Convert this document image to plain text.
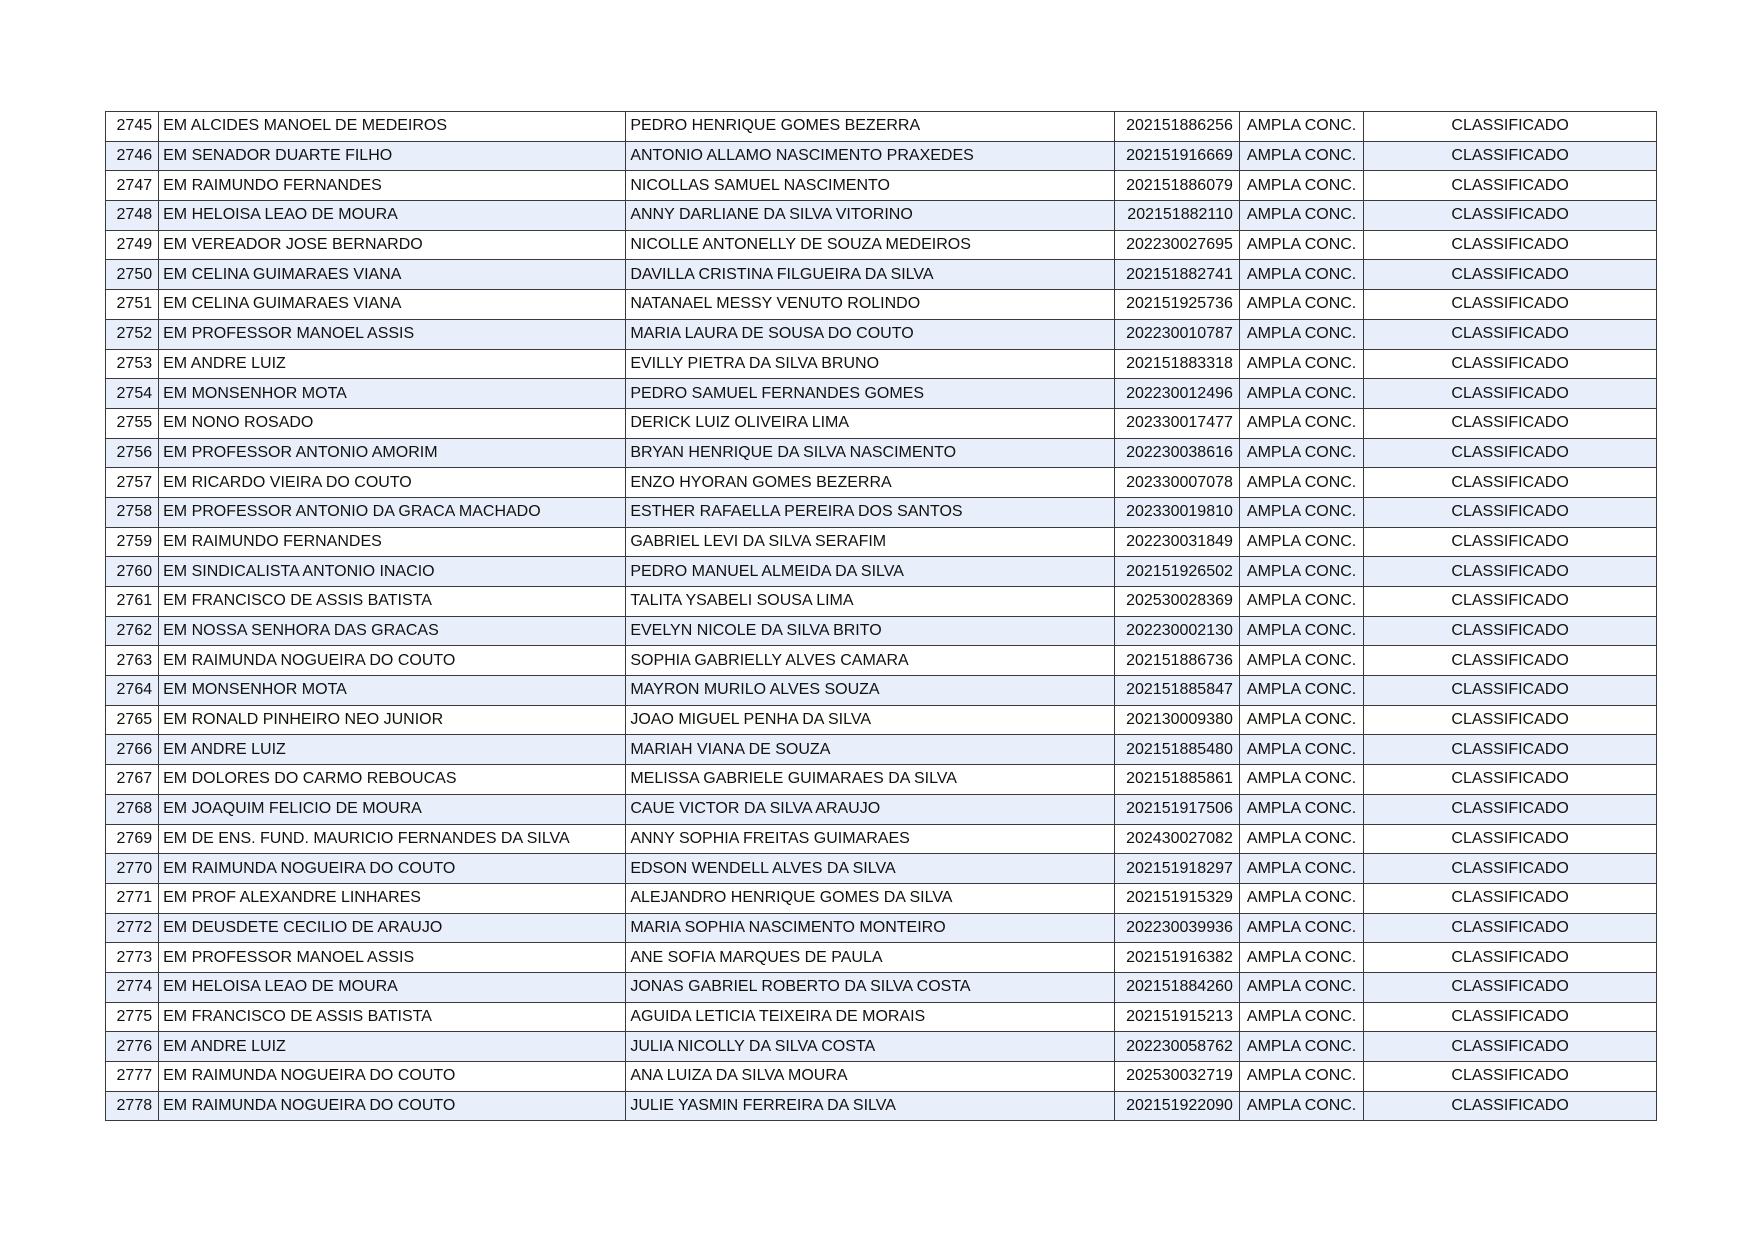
2745	EM ALCIDES MANOEL DE MEDEIROS	PEDRO HENRIQUE GOMES BEZERRA	202151886256	AMPLA CONC.	CLASSIFICADO
2746	EM SENADOR DUARTE FILHO	ANTONIO ALLAMO NASCIMENTO PRAXEDES	202151916669	AMPLA CONC.	CLASSIFICADO
2747	EM RAIMUNDO FERNANDES	NICOLLAS SAMUEL NASCIMENTO	202151886079	AMPLA CONC.	CLASSIFICADO
2748	EM HELOISA LEAO DE MOURA	ANNY DARLIANE DA SILVA VITORINO	202151882110	AMPLA CONC.	CLASSIFICADO
2749	EM VEREADOR JOSE BERNARDO	NICOLLE ANTONELLY DE SOUZA MEDEIROS	202230027695	AMPLA CONC.	CLASSIFICADO
2750	EM CELINA GUIMARAES VIANA	DAVILLA CRISTINA FILGUEIRA DA SILVA	202151882741	AMPLA CONC.	CLASSIFICADO
2751	EM CELINA GUIMARAES VIANA	NATANAEL MESSY VENUTO ROLINDO	202151925736	AMPLA CONC.	CLASSIFICADO
2752	EM PROFESSOR MANOEL ASSIS	MARIA LAURA DE SOUSA DO COUTO	202230010787	AMPLA CONC.	CLASSIFICADO
2753	EM ANDRE LUIZ	EVILLY PIETRA DA SILVA BRUNO	202151883318	AMPLA CONC.	CLASSIFICADO
2754	EM MONSENHOR MOTA	PEDRO SAMUEL FERNANDES GOMES	202230012496	AMPLA CONC.	CLASSIFICADO
2755	EM NONO ROSADO	DERICK LUIZ OLIVEIRA LIMA	202330017477	AMPLA CONC.	CLASSIFICADO
2756	EM PROFESSOR ANTONIO AMORIM	BRYAN HENRIQUE DA SILVA NASCIMENTO	202230038616	AMPLA CONC.	CLASSIFICADO
2757	EM RICARDO VIEIRA DO COUTO	ENZO HYORAN GOMES BEZERRA	202330007078	AMPLA CONC.	CLASSIFICADO
2758	EM PROFESSOR ANTONIO DA GRACA MACHADO	ESTHER RAFAELLA PEREIRA DOS SANTOS	202330019810	AMPLA CONC.	CLASSIFICADO
2759	EM RAIMUNDO FERNANDES	GABRIEL LEVI DA SILVA SERAFIM	202230031849	AMPLA CONC.	CLASSIFICADO
2760	EM SINDICALISTA ANTONIO INACIO	PEDRO MANUEL ALMEIDA DA SILVA	202151926502	AMPLA CONC.	CLASSIFICADO
2761	EM FRANCISCO DE ASSIS BATISTA	TALITA YSABELI SOUSA LIMA	202530028369	AMPLA CONC.	CLASSIFICADO
2762	EM NOSSA SENHORA DAS GRACAS	EVELYN NICOLE DA SILVA BRITO	202230002130	AMPLA CONC.	CLASSIFICADO
2763	EM RAIMUNDA NOGUEIRA DO COUTO	SOPHIA GABRIELLY ALVES CAMARA	202151886736	AMPLA CONC.	CLASSIFICADO
2764	EM MONSENHOR MOTA	MAYRON MURILO ALVES SOUZA	202151885847	AMPLA CONC.	CLASSIFICADO
2765	EM RONALD PINHEIRO NEO JUNIOR	JOAO MIGUEL PENHA DA SILVA	202130009380	AMPLA CONC.	CLASSIFICADO
2766	EM ANDRE LUIZ	MARIAH VIANA DE SOUZA	202151885480	AMPLA CONC.	CLASSIFICADO
2767	EM DOLORES DO CARMO REBOUCAS	MELISSA GABRIELE GUIMARAES DA SILVA	202151885861	AMPLA CONC.	CLASSIFICADO
2768	EM JOAQUIM FELICIO DE MOURA	CAUE VICTOR DA SILVA ARAUJO	202151917506	AMPLA CONC.	CLASSIFICADO
2769	EM DE ENS. FUND. MAURICIO FERNANDES DA SILVA	ANNY SOPHIA FREITAS GUIMARAES	202430027082	AMPLA CONC.	CLASSIFICADO
2770	EM RAIMUNDA NOGUEIRA DO COUTO	EDSON WENDELL ALVES DA SILVA	202151918297	AMPLA CONC.	CLASSIFICADO
2771	EM PROF ALEXANDRE LINHARES	ALEJANDRO HENRIQUE GOMES DA SILVA	202151915329	AMPLA CONC.	CLASSIFICADO
2772	EM DEUSDETE CECILIO DE ARAUJO	MARIA SOPHIA NASCIMENTO MONTEIRO	202230039936	AMPLA CONC.	CLASSIFICADO
2773	EM PROFESSOR MANOEL ASSIS	ANE SOFIA MARQUES DE PAULA	202151916382	AMPLA CONC.	CLASSIFICADO
2774	EM HELOISA LEAO DE MOURA	JONAS GABRIEL ROBERTO DA SILVA COSTA	202151884260	AMPLA CONC.	CLASSIFICADO
2775	EM FRANCISCO DE ASSIS BATISTA	AGUIDA LETICIA TEIXEIRA DE MORAIS	202151915213	AMPLA CONC.	CLASSIFICADO
2776	EM ANDRE LUIZ	JULIA NICOLLY DA SILVA COSTA	202230058762	AMPLA CONC.	CLASSIFICADO
2777	EM RAIMUNDA NOGUEIRA DO COUTO	ANA LUIZA DA SILVA MOURA	202530032719	AMPLA CONC.	CLASSIFICADO
2778	EM RAIMUNDA NOGUEIRA DO COUTO	JULIE YASMIN FERREIRA DA SILVA	202151922090	AMPLA CONC.	CLASSIFICADO
